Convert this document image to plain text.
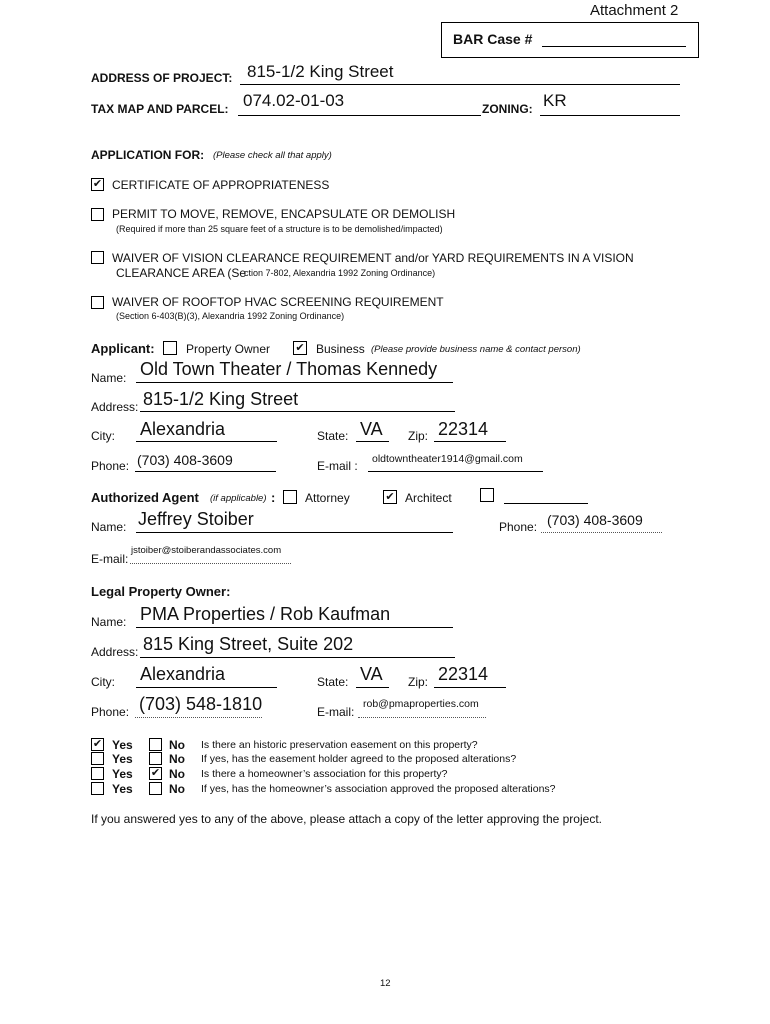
Attachment 2
BAR Case #
ADDRESS OF PROJECT: 815-1/2 King Street
TAX MAP AND PARCEL: 074.02-01-03	ZONING: KR
APPLICATION FOR: (Please check all that apply)
✔ CERTIFICATE OF APPROPRIATENESS
PERMIT TO MOVE, REMOVE, ENCAPSULATE OR DEMOLISH
(Required if more than 25 square feet of a structure is to be demolished/impacted)
WAIVER OF VISION CLEARANCE REQUIREMENT and/or YARD REQUIREMENTS IN A VISION
CLEARANCE AREA (Se
ction 7-802, Alexandria 1992 Zoning Ordinance)
WAIVER OF ROOFTOP HVAC SCREENING REQUIREMENT
(Section 6-403(B)(3), Alexandria 1992 Zoning Ordinance)
Applicant:	Property Owner ✔ Business (Please provide business name & contact person)
Name: Old Town Theater / Thomas Kennedy
Address: 815-1/2 King Street
City: Alexandria	State: VA Zip: 22314
Phone: (703) 408-3609	E-mail : oldtowntheater1914@gmail.com
Authorized Agent (if applicable) : Attorney	✔ Architect
Name: Jeffrey Stoiber	Phone: (703) 408-3609
E-mail:
jstoiber@stoiberandassociates.com
Legal Property Owner:
Name: PMA Properties / Rob Kaufman
Address: 815 King Street, Suite 202
City: Alexandria	State: VA Zip: 22314
Phone: (703) 548-1810	E-mail:
rob@pmaproperties.com
✔ Yes	No Is there an historic preservation easement on this property?
Yes	No If yes, has the easement holder agreed to the proposed alterations?
Yes ✔ No Is there a homeowner’s association for this property?
Yes	No If yes, has the homeowner’s association approved the proposed alterations?
If you answered yes to any of the above, please attach a copy of the letter approving the project.
12
